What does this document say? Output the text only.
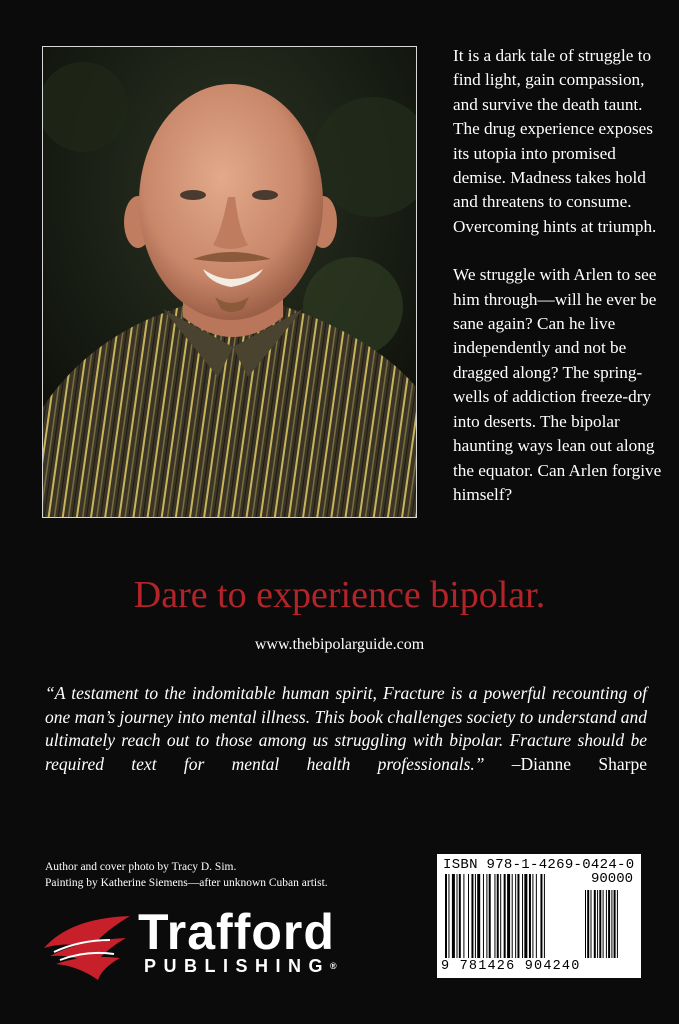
It is a dark tale of struggle to find light, gain compassion, and survive the death taunt. The drug experience exposes its utopia into promised demise. Madness takes hold and threatens to consume. Overcoming hints at triumph.

We struggle with Arlen to see him through—will he ever be sane again? Can he live independently and not be dragged along? The spring-wells of addiction freeze-dry into deserts. The bipolar haunting ways lean out along the equator. Can Arlen forgive himself?

Dare to experience bipolar.
www.thebipolarguide.com
“A testament to the indomitable human spirit, Fracture is a powerful recounting of one man’s journey into mental illness. This book challenges society to understand and ultimately reach out to those among us struggling with bipolar. Fracture should be required text for mental health professionals.” –Dianne Sharpe
Author and cover photo by Tracy D. Sim.
Painting by Katherine Siemens—after unknown Cuban artist.
Trafford
PUBLISHING®
ISBN 978-1-4269-0424-0
90000
9 781426 904240
